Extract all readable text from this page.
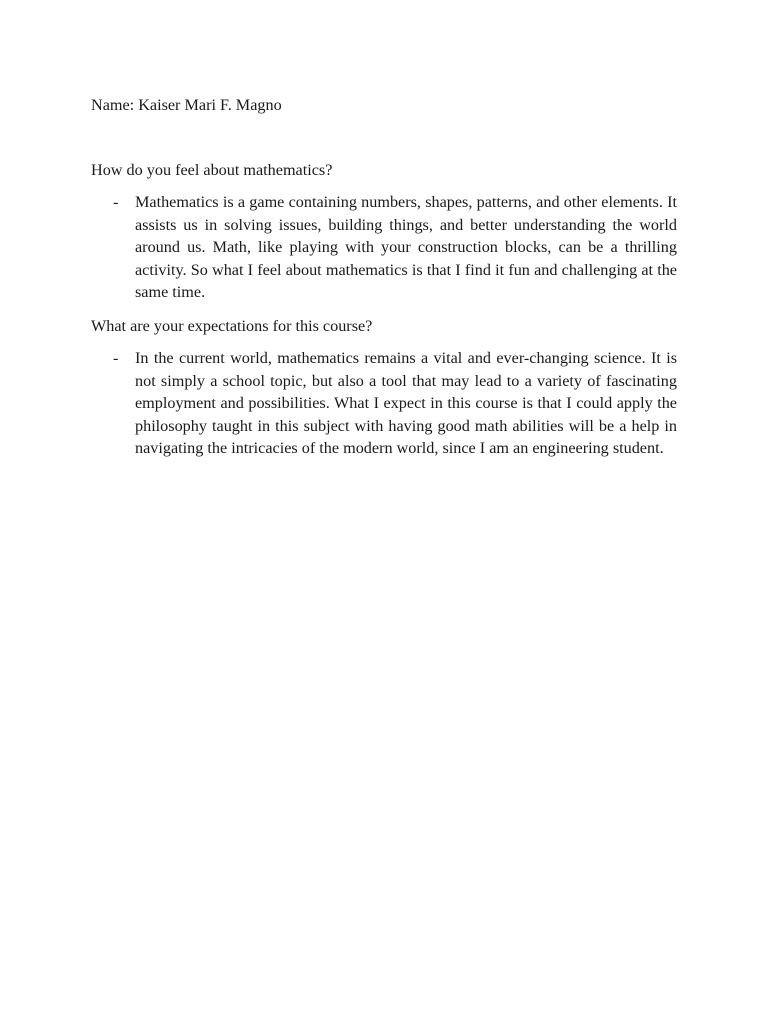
Name: Kaiser Mari F. Magno
How do you feel about mathematics?
-	Mathematics is a game containing numbers, shapes, patterns, and other elements. It assists us in solving issues, building things, and better understanding the world around us. Math, like playing with your construction blocks, can be a thrilling activity. So what I feel about mathematics is that I find it fun and challenging at the same time.
What are your expectations for this course?
-	In the current world, mathematics remains a vital and ever-changing science. It is not simply a school topic, but also a tool that may lead to a variety of fascinating employment and possibilities. What I expect in this course is that I could apply the philosophy taught in this subject with having good math abilities will be a help in navigating the intricacies of the modern world, since I am an engineering student.
